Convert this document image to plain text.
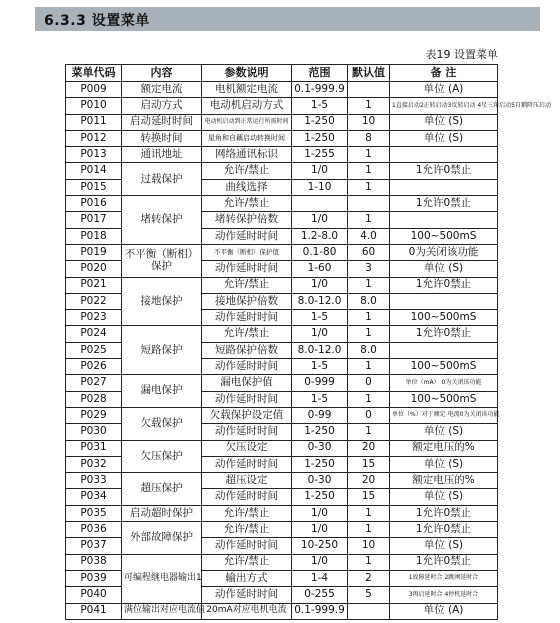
6.3.3 设置菜单
表19 设置菜单
菜单代码	内容	参数说明	范围	默认值	备 注
P009	额定电流	电机额定电流	0.1-999.9		单位 (A)
P010	启动方式	电动机启动方式	1-5	1	1直接启动2正转启动3反转启动 4星三角启动5自耦降压启动
P011	启动延时时间	电动机启动到正常运行所需时间	1-250	10	单位 (S)
P012	转换时间	星角和自藕启动转换时间	1-250	8	单位 (S)
P013	通讯地址	网络通讯标识	1-255	1	
P014	过载保护	允许/禁止	1/0	1	1允许0禁止
P015		曲线选择	1-10	1	
P016	堵转保护	允许/禁止			1允许0禁止
P017		堵转保护倍数	1/0	1	
P018		动作延时时间	1.2-8.0	4.0	100~500mS
P019	不平衡（断相）保护	不平衡（断相）保护值	0.1-80	60	0为关闭该功能
P020		动作延时时间	1-60	3	单位 (S)
P021	接地保护	允许/禁止	1/0	1	1允许0禁止
P022		接地保护倍数	8.0-12.0	8.0	
P023		动作延时时间	1-5	1	100~500mS
P024	短路保护	允许/禁止	1/0	1	1允许0禁止
P025		短路保护倍数	8.0-12.0	8.0	
P026		动作延时时间	1-5	1	100~500mS
P027	漏电保护	漏电保护值	0-999	0	单位（mA） 0为关闭该功能
P028		动作延时时间	1-5	1	100~500mS
P029	欠载保护	欠载保护设定值	0-99	0	单位（%）对于额定 电流0为关闭该功能
P030		动作延时时间	1-250	1	单位 (S)
P031	欠压保护	欠压设定	0-30	20	额定电压的%
P032		动作延时时间	1-250	15	单位 (S)
P033	超压保护	超压设定	0-30	20	额定电压的%
P034		动作延时时间	1-250	15	单位 (S)
P035	启动超时保护	允许/禁止	1/0	1	1允许0禁止
P036	外部故障保护	允许/禁止	1/0	1	1允许0禁止
P037		动作延时时间	10-250	10	单位 (S)
P038	可编程继电器输出1	允许/禁止	1/0	1	1允许0禁止
P039		输出方式	1-4	2	1故障延时合 2跳闸延时合
P040		动作延时时间	0-255	5	3再启延时合 4停机延时合
P041	满位输出对应电流值	20mA对应电机电流	0.1-999.9		单位 (A)
